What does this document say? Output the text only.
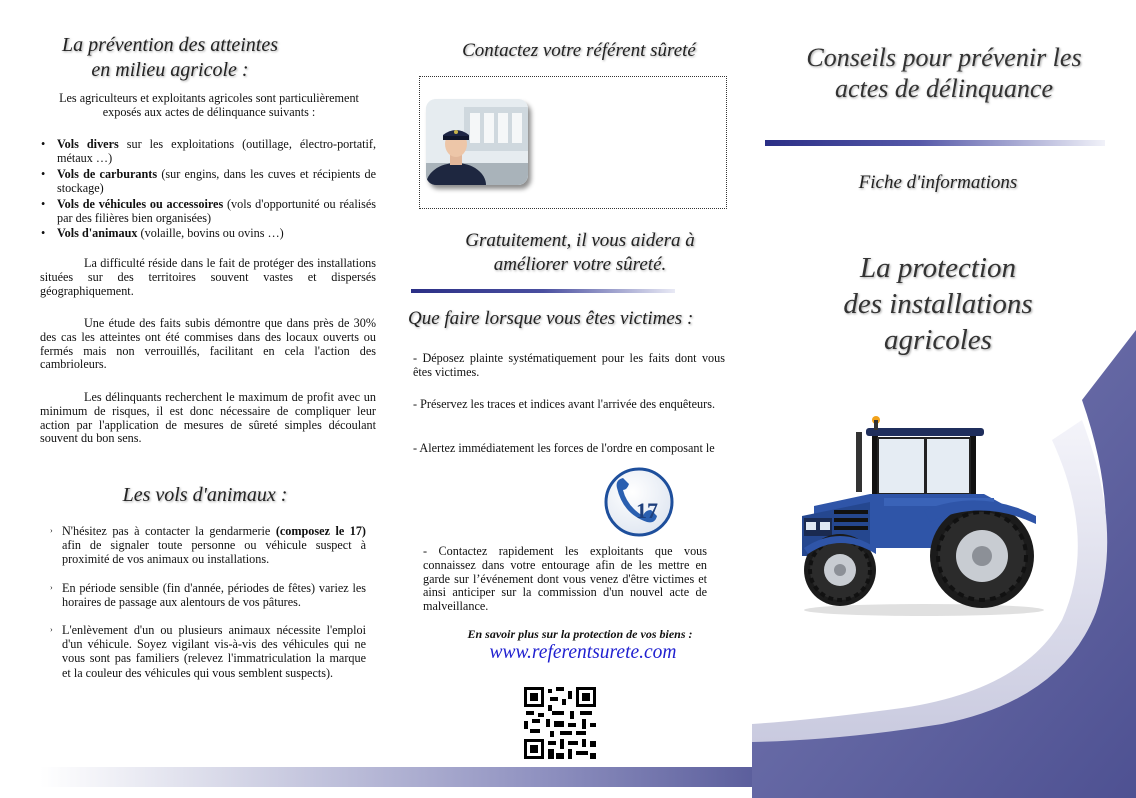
La prévention des atteintes
en milieu agricole :
Les agriculteurs et exploitants agricoles sont particulièrement exposés aux actes de délinquance suivants :
• Vols divers sur les exploitations (outillage, électro-portatif, métaux …)
• Vols de carburants (sur engins, dans les cuves et récipients de stockage)
• Vols de véhicules ou accessoires (vols d'opportunité ou réalisés par des filières bien organisées)
• Vols d'animaux (volaille, bovins ou ovins …)

La difficulté réside dans le fait de protéger des installations situées sur des territoires souvent vastes et dispersés géographiquement.

Une étude des faits subis démontre que dans près de 30% des cas les atteintes ont été commises dans des locaux ouverts ou fermés mais non verrouillés, facilitant en cela l'action des cambrioleurs.

Les délinquants recherchent le maximum de profit avec un minimum de risques, il est donc nécessaire de compliquer leur action par l'application de mesures de sûreté simples découlant souvent du bon sens.

Les vols d'animaux :
› N'hésitez pas à contacter la gendarmerie (composez le 17) afin de signaler toute personne ou véhicule suspect à proximité de vos animaux ou installations.
› En période sensible (fin d'année, périodes de fêtes) variez les horaires de passage aux alentours de vos pâtures.
› L'enlèvement d'un ou plusieurs animaux nécessite l'emploi d'un véhicule. Soyez vigilant vis-à-vis des véhicules qui ne vous sont pas familiers (relevez l'immatriculation la marque et la couleur des véhicules qui vous semblent suspects).
Contactez votre référent sûreté
Gratuitement, il vous aidera à
améliorer votre sûreté.
Que faire lorsque vous êtes victimes :

- Déposez plainte systématiquement pour les faits dont vous êtes victimes.

- Préservez les traces et indices avant l'arrivée des enquêteurs.

- Alertez immédiatement les forces de l'ordre en composant le

17

- Contactez rapidement les exploitants que vous connaissez dans votre entourage afin de les mettre en garde sur l’événement dont vous venez d'être victimes et ainsi anticiper sur la commission d'un nouvel acte de malveillance.

En savoir plus sur la protection de vos biens :
www.referentsurete.com
Conseils pour prévenir les
actes de délinquance
Fiche d'informations
La protection
des installations
agricoles
